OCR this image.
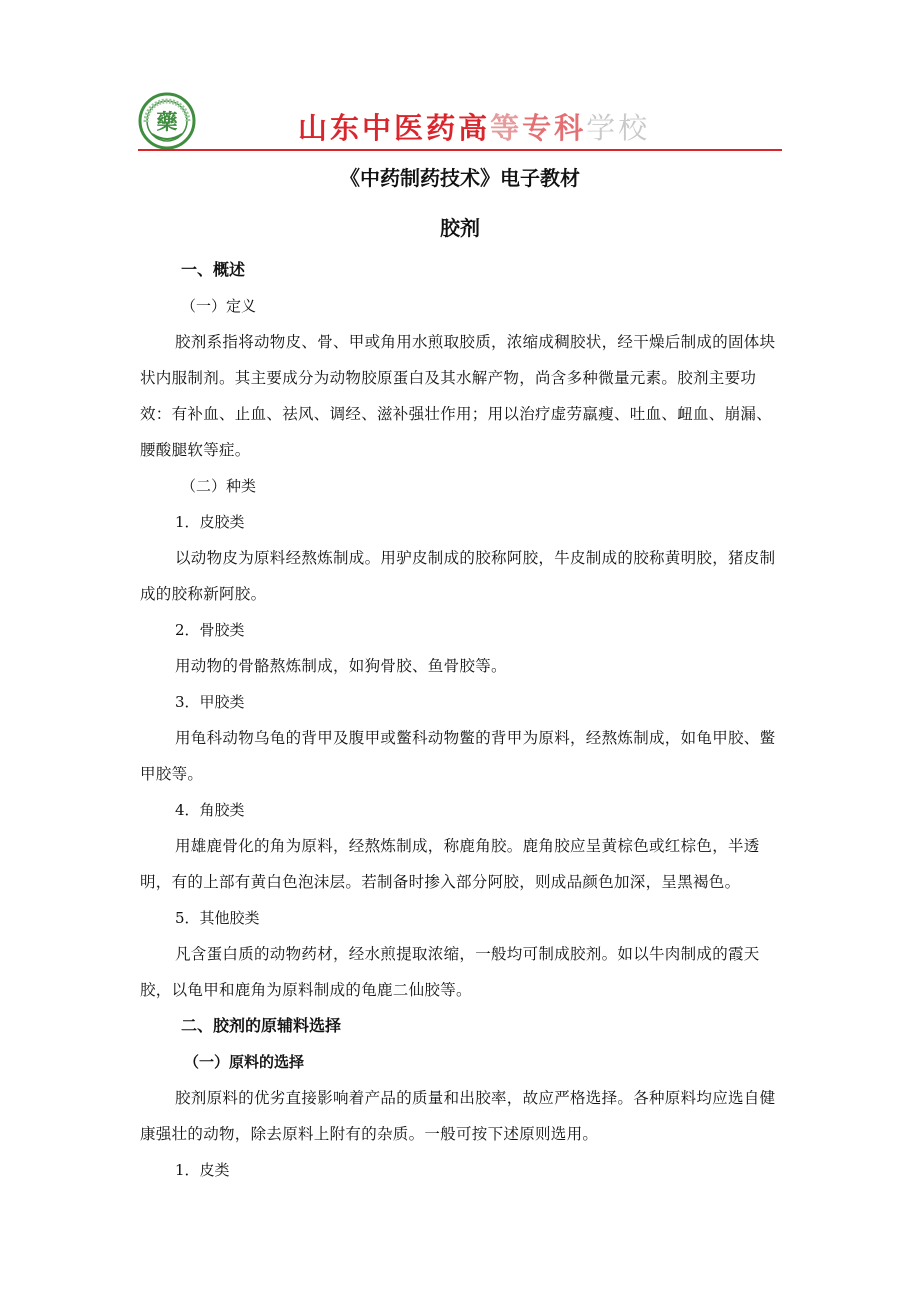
藥	山东中医药高等专科学校
《中药制药技术》电子教材
胶剂
一、概述
（一）定义
胶剂系指将动物皮、骨、甲或角用水煎取胶质，浓缩成稠胶状，经干燥后制成的固体块状内服制剂。其主要成分为动物胶原蛋白及其水解产物，尚含多种微量元素。胶剂主要功效：有补血、止血、祛风、调经、滋补强壮作用；用以治疗虚劳羸瘦、吐血、衄血、崩漏、腰酸腿软等症。
（二）种类
1．皮胶类
以动物皮为原料经熬炼制成。用驴皮制成的胶称阿胶，牛皮制成的胶称黄明胶，猪皮制成的胶称新阿胶。
2．骨胶类
用动物的骨骼熬炼制成，如狗骨胶、鱼骨胶等。
3．甲胶类
用龟科动物乌龟的背甲及腹甲或鳖科动物鳖的背甲为原料，经熬炼制成，如龟甲胶、鳖甲胶等。
4．角胶类
用雄鹿骨化的角为原料，经熬炼制成，称鹿角胶。鹿角胶应呈黄棕色或红棕色，半透明，有的上部有黄白色泡沫层。若制备时掺入部分阿胶，则成品颜色加深，呈黑褐色。
5．其他胶类
凡含蛋白质的动物药材，经水煎提取浓缩，一般均可制成胶剂。如以牛肉制成的霞天胶，以龟甲和鹿角为原料制成的龟鹿二仙胶等。
二、胶剂的原辅料选择
（一）原料的选择
胶剂原料的优劣直接影响着产品的质量和出胶率，故应严格选择。各种原料均应选自健康强壮的动物，除去原料上附有的杂质。一般可按下述原则选用。
1．皮类
